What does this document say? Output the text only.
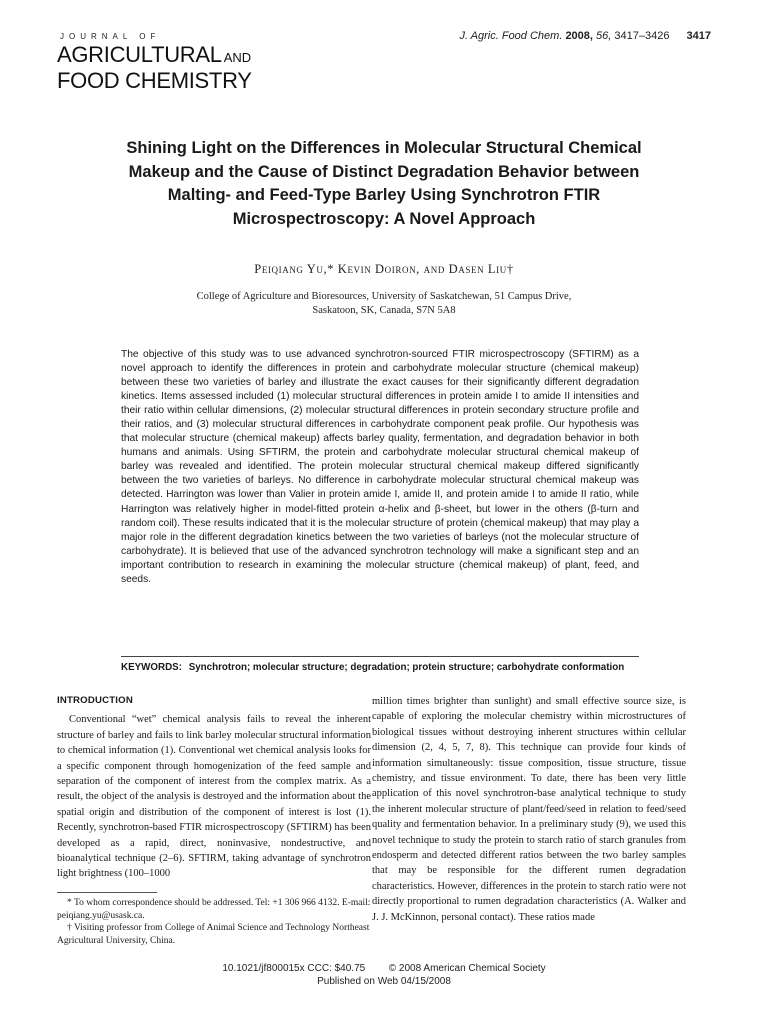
JOURNAL OF
AGRICULTURAL AND
FOOD CHEMISTRY
J. Agric. Food Chem. 2008, 56, 3417–3426 3417
Shining Light on the Differences in Molecular Structural Chemical Makeup and the Cause of Distinct Degradation Behavior between Malting- and Feed-Type Barley Using Synchrotron FTIR Microspectroscopy: A Novel Approach
Peiqiang Yu,* Kevin Doiron, and Dasen Liu†
College of Agriculture and Bioresources, University of Saskatchewan, 51 Campus Drive,
Saskatoon, SK, Canada, S7N 5A8

The objective of this study was to use advanced synchrotron-sourced FTIR microspectroscopy (SFTIRM) as a novel approach to identify the differences in protein and carbohydrate molecular structure (chemical makeup) between these two varieties of barley and illustrate the exact causes for their significantly different degradation kinetics. Items assessed included (1) molecular structural differences in protein amide I to amide II intensities and their ratio within cellular dimensions, (2) molecular structural differences in protein secondary structure profile and their ratios, and (3) molecular structural differences in carbohydrate component peak profile. Our hypothesis was that molecular structure (chemical makeup) affects barley quality, fermentation, and degradation behavior in both humans and animals. Using SFTIRM, the protein and carbohydrate molecular structural chemical makeup of barley was revealed and identified. The protein molecular structural chemical makeup differed significantly between the two varieties of barleys. No difference in carbohydrate molecular structural chemical makeup was detected. Harrington was lower than Valier in protein amide I, amide II, and protein amide I to amide II ratio, while Harrington was relatively higher in model-fitted protein α-helix and β-sheet, but lower in the others (β-turn and random coil). These results indicated that it is the molecular structure of protein (chemical makeup) that may play a major role in the different degradation kinetics between the two varieties of barleys (not the molecular structure of carbohydrate). It is believed that use of the advanced synchrotron technology will make a significant step and an important contribution to research in examining the molecular structure (chemical makeup) of plant, feed, and seeds.

KEYWORDS: Synchrotron; molecular structure; degradation; protein structure; carbohydrate conformation
INTRODUCTION

Conventional “wet” chemical analysis fails to reveal the inherent structure of barley and fails to link barley molecular structural information to chemical information (1). Conventional wet chemical analysis looks for a specific component through homogenization of the feed sample and separation of the component of interest from the complex matrix. As a result, the object of the analysis is destroyed and the information about the spatial origin and distribution of the component of interest is lost (1). Recently, synchrotron-based FTIR microspectroscopy (SFTIRM) has been developed as a rapid, direct, noninvasive, nondestructive, and bioanalytical technique (2–6). SFTIRM, taking advantage of synchrotron light brightness (100–1000

million times brighter than sunlight) and small effective source size, is capable of exploring the molecular chemistry within microstructures of biological tissues without destroying inherent structures within cellular dimension (2, 4, 5, 7, 8). This technique can provide four kinds of information simultaneously: tissue composition, tissue structure, tissue chemistry, and tissue environment. To date, there has been very little application of this novel synchrotron-base analytical technique to study the inherent molecular structure of plant/feed/seed in relation to feed/seed quality and fermentation behavior. In a preliminary study (9), we used this novel technique to study the protein to starch ratio of starch granules from endosperm and detected different ratios between the two barley samples that may be responsible for the different rumen degradation characteristics. However, differences in the protein to starch ratio were not directly proportional to rumen degradation characteristics (A. Walker and J. J. McKinnon, personal contact). These ratios made

* To whom correspondence should be addressed. Tel: +1 306 966 4132. E-mail: peiqiang.yu@usask.ca.

† Visiting professor from College of Animal Science and Technology Northeast Agricultural University, China.

10.1021/jf800015x CCC: $40.75 © 2008 American Chemical Society
Published on Web 04/15/2008
